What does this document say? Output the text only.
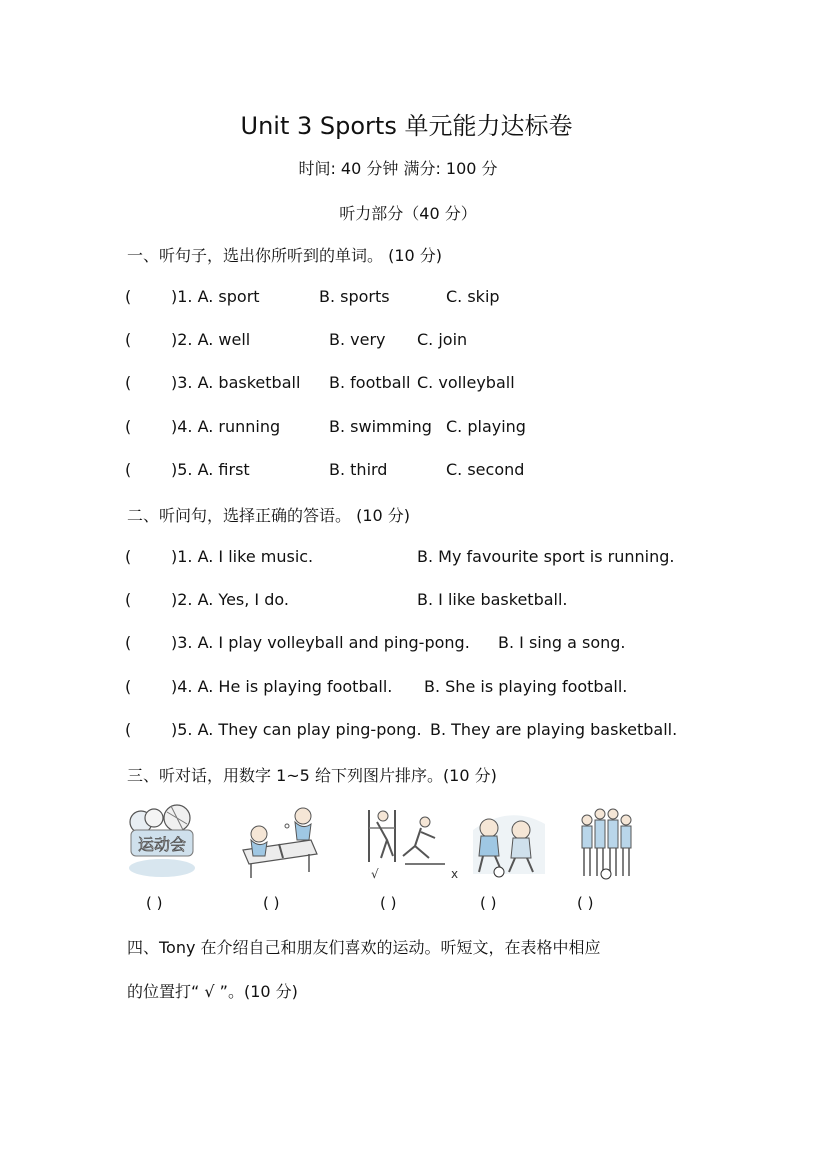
Unit 3 Sports 单元能力达标卷
时间: 40 分钟 满分: 100 分
听力部分（40 分）
一、听句子，选出你所听到的单词。 (10 分)
( )1. A. sport	B. sports	C. skip
( )2. A. well	B. very C. join
( )3. A. basketball B. football C. volleyball
( )4. A. running	B. swimming C. playing
( )5. A. first	B. third	C. second
二、听问句，选择正确的答语。 (10 分)
( )1. A. I like music.	B. My favourite sport is running.
( )2. A. Yes, I do.	B. I like basketball.
( )3. A. I play volleyball and ping-pong. B. I sing a song.
( )4. A. He is playing football. B. She is playing football.
( )5. A. They can play ping-pong. B. They are playing basketball.
三、听对话，用数字 1~5 给下列图片排序。(10 分)
运动会
√	x
( )	( )	( )	( )	( )
四、Tony 在介绍自己和朋友们喜欢的运动。听短文，在表格中相应
的位置打“ √ ”。(10 分)
